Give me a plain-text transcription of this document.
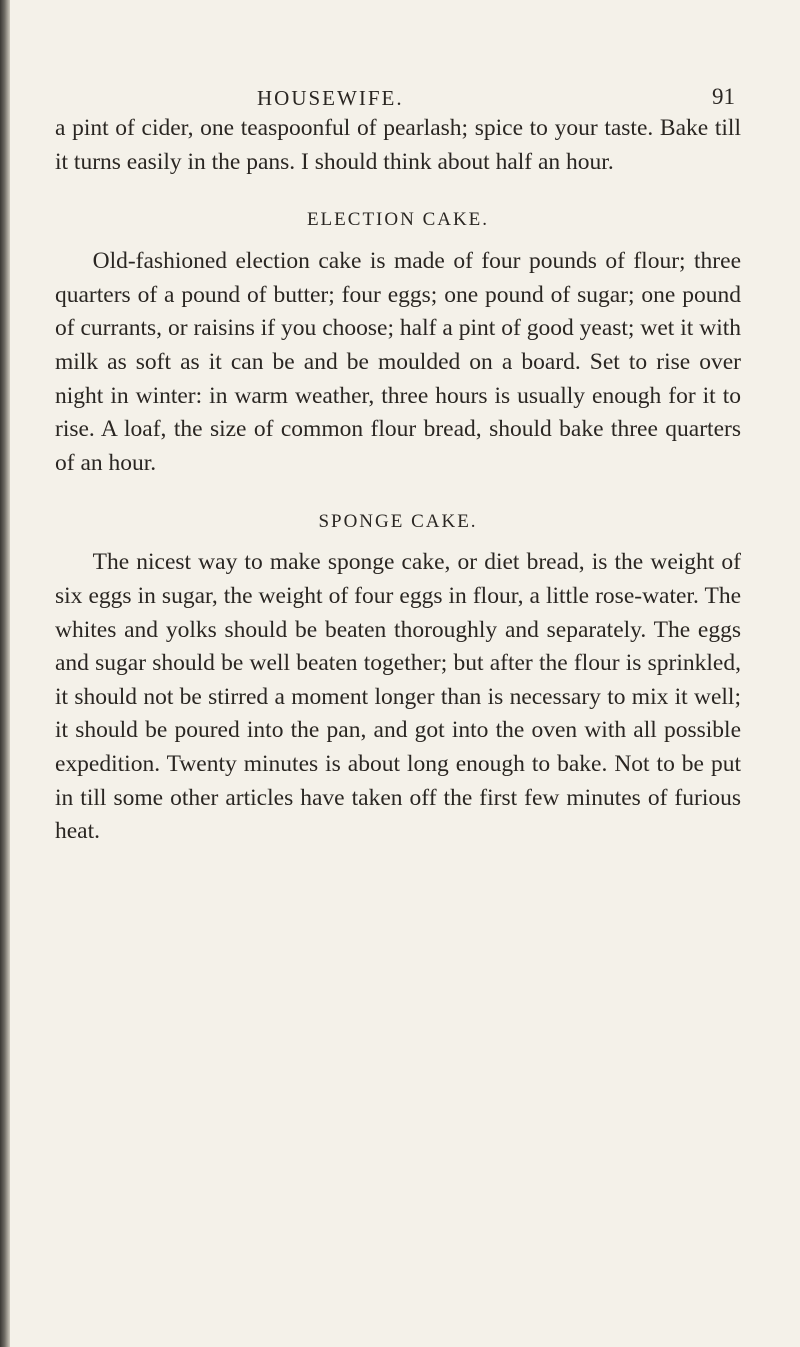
HOUSEWIFE.	91

a pint of cider, one teaspoonful of pearlash; spice to your taste. Bake till it turns easily in the pans. I should think about half an hour.

ELECTION CAKE.

Old-fashioned election cake is made of four pounds of flour; three quarters of a pound of butter; four eggs; one pound of sugar; one pound of currants, or raisins if you choose; half a pint of good yeast; wet it with milk as soft as it can be and be moulded on a board. Set to rise over night in winter: in warm weather, three hours is usually enough for it to rise. A loaf, the size of common flour bread, should bake three quarters of an hour.

SPONGE CAKE.

The nicest way to make sponge cake, or diet bread, is the weight of six eggs in sugar, the weight of four eggs in flour, a little rose-water. The whites and yolks should be beaten thoroughly and separately. The eggs and sugar should be well beaten together; but after the flour is sprinkled, it should not be stirred a moment longer than is necessary to mix it well; it should be poured into the pan, and got into the oven with all possible expedition. Twenty minutes is about long enough to bake. Not to be put in till some other articles have taken off the first few minutes of furious heat.
